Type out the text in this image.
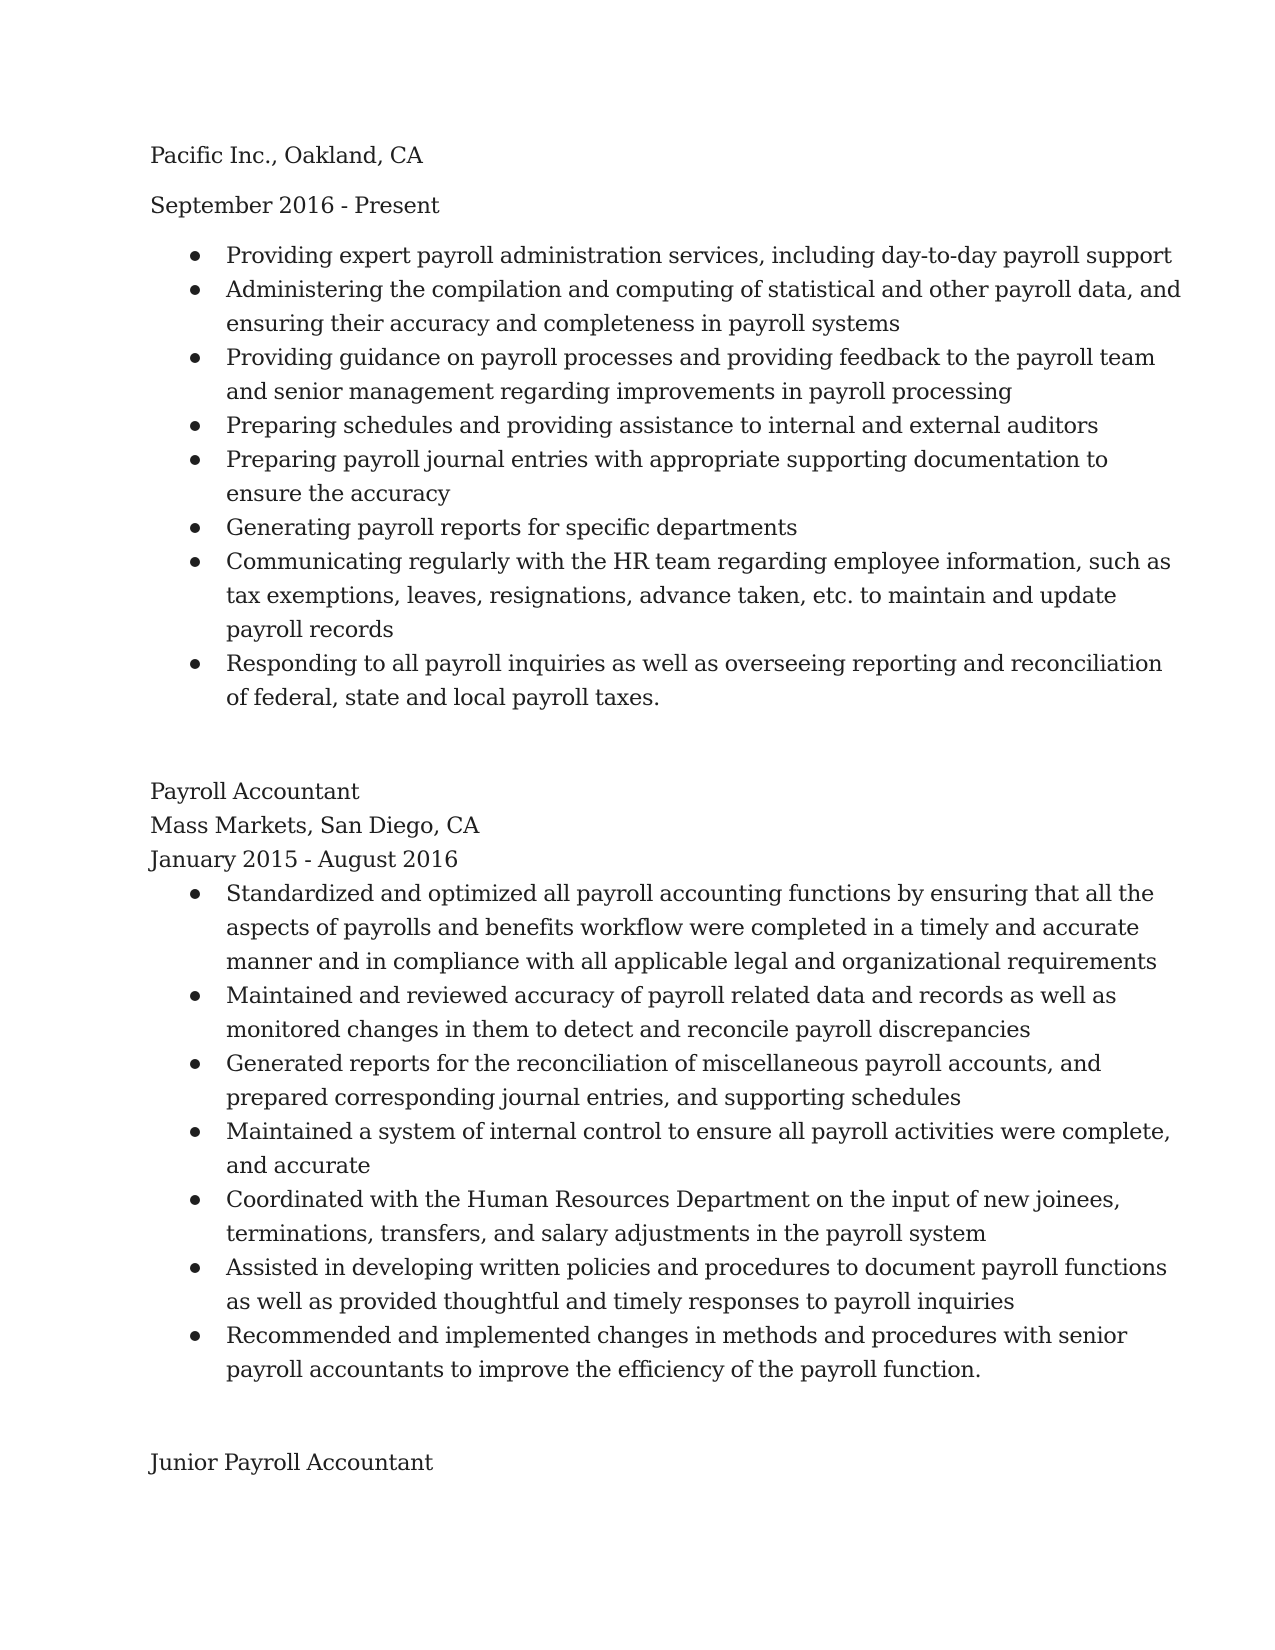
Pacific Inc., Oakland, CA

September 2016 - Present

Providing expert payroll administration services, including day-to-day payroll support
Administering the compilation and computing of statistical and other payroll data, and ensuring their accuracy and completeness in payroll systems
Providing guidance on payroll processes and providing feedback to the payroll team and senior management regarding improvements in payroll processing
Preparing schedules and providing assistance to internal and external auditors
Preparing payroll journal entries with appropriate supporting documentation to ensure the accuracy
Generating payroll reports for specific departments
Communicating regularly with the HR team regarding employee information, such as tax exemptions, leaves, resignations, advance taken, etc. to maintain and update payroll records
Responding to all payroll inquiries as well as overseeing reporting and reconciliation of federal, state and local payroll taxes.

Payroll Accountant

Mass Markets, San Diego, CA

January 2015 - August 2016

Standardized and optimized all payroll accounting functions by ensuring that all the aspects of payrolls and benefits workflow were completed in a timely and accurate manner and in compliance with all applicable legal and organizational requirements
Maintained and reviewed accuracy of payroll related data and records as well as monitored changes in them to detect and reconcile payroll discrepancies
Generated reports for the reconciliation of miscellaneous payroll accounts, and prepared corresponding journal entries, and supporting schedules
Maintained a system of internal control to ensure all payroll activities were complete, and accurate
Coordinated with the Human Resources Department on the input of new joinees, terminations, transfers, and salary adjustments in the payroll system
Assisted in developing written policies and procedures to document payroll functions as well as provided thoughtful and timely responses to payroll inquiries
Recommended and implemented changes in methods and procedures with senior payroll accountants to improve the efficiency of the payroll function.

Junior Payroll Accountant
